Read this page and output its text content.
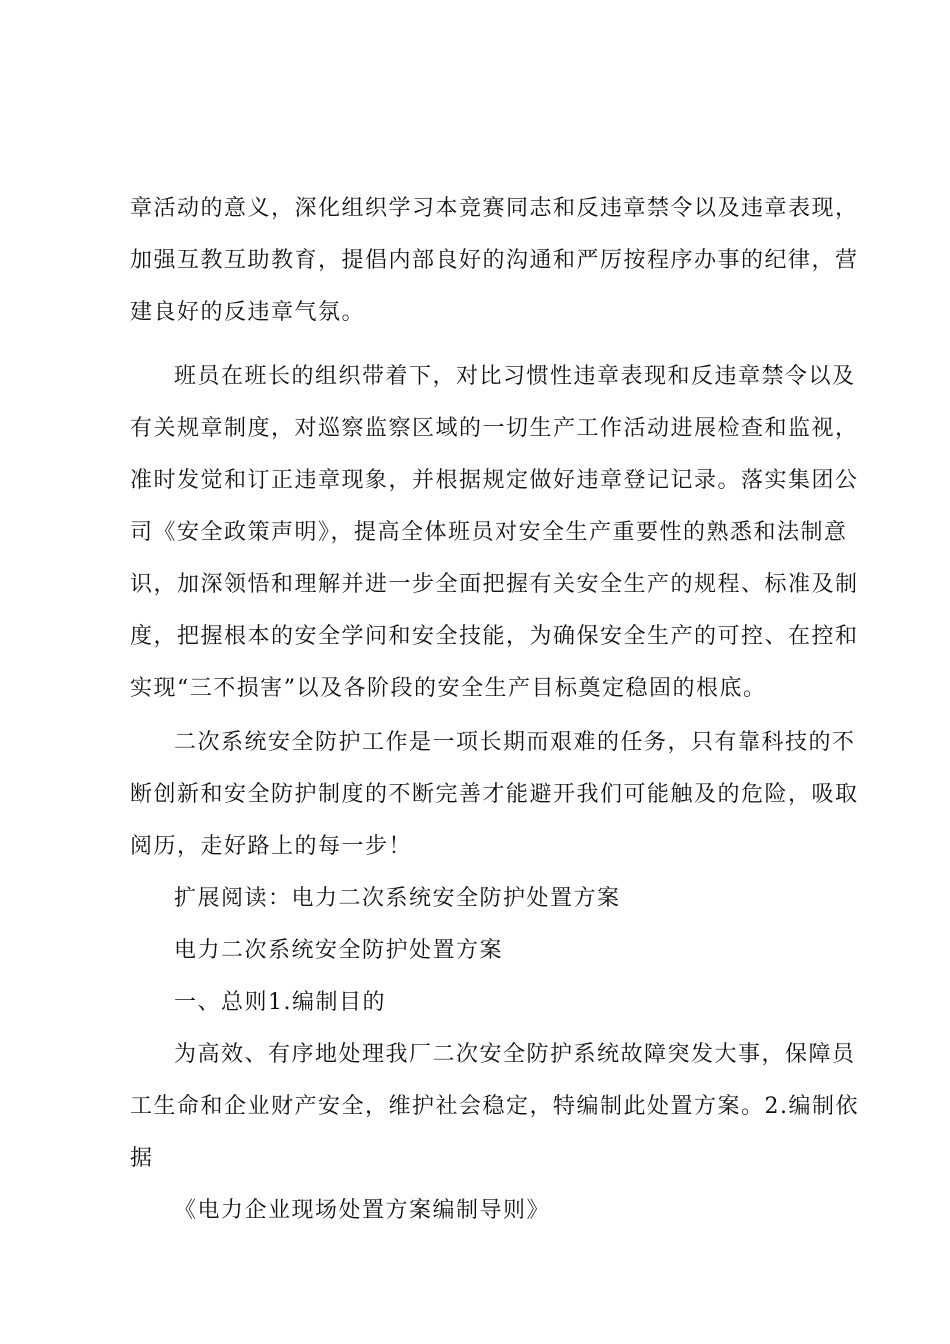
章活动的意义，深化组织学习本竞赛同志和反违章禁令以及违章表现，
加强互教互助教育，提倡内部良好的沟通和严厉按程序办事的纪律，营
建良好的反违章气氛。
班员在班长的组织带着下，对比习惯性违章表现和反违章禁令以及
有关规章制度，对巡察监察区域的一切生产工作活动进展检查和监视，
准时发觉和订正违章现象，并根据规定做好违章登记记录。落实集团公
司《安全政策声明》，提高全体班员对安全生产重要性的熟悉和法制意
识，加深领悟和理解并进一步全面把握有关安全生产的规程、标准及制
度，把握根本的安全学问和安全技能，为确保安全生产的可控、在控和
实现“三不损害”以及各阶段的安全生产目标奠定稳固的根底。
二次系统安全防护工作是一项长期而艰难的任务，只有靠科技的不
断创新和安全防护制度的不断完善才能避开我们可能触及的危险，吸取
阅历，走好路上的每一步！
扩展阅读：电力二次系统安全防护处置方案
电力二次系统安全防护处置方案
一、总则1.编制目的
为高效、有序地处理我厂二次安全防护系统故障突发大事，保障员
工生命和企业财产安全，维护社会稳定，特编制此处置方案。2.编制依
据
《电力企业现场处置方案编制导则》
